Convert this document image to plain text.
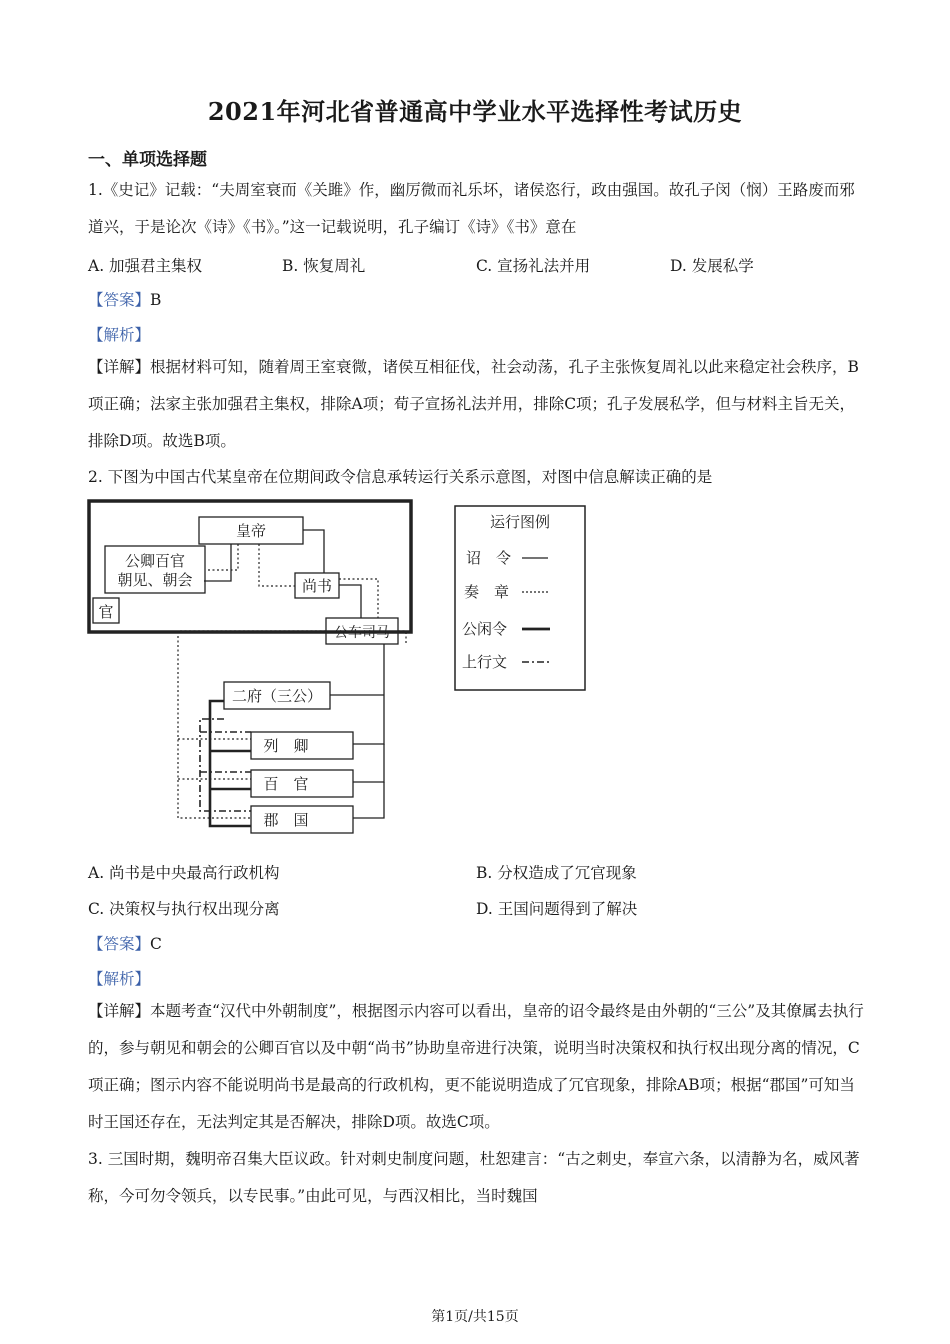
2021年河北省普通高中学业水平选择性考试历史
一、单项选择题
1.《史记》记载：“夫周室衰而《关雎》作，幽厉微而礼乐坏，诸侯恣行，政由强国。故孔子闵（悯）王路废而邪道兴，于是论次《诗》《书》。”这一记载说明，孔子编订《诗》《书》意在
A. 加强君主集权	B. 恢复周礼	C. 宣扬礼法并用	D. 发展私学
【答案】B
【解析】
【详解】根据材料可知，随着周王室衰微，诸侯互相征伐，社会动荡，孔子主张恢复周礼以此来稳定社会秩序，B项正确；法家主张加强君主集权，排除A项；荀子宣扬礼法并用，排除C项；孔子发展私学，但与材料主旨无关，排除D项。故选B项。
2. 下图为中国古代某皇帝在位期间政令信息承转运行关系示意图，对图中信息解读正确的是
皇帝
公卿百官
朝见、朝会
官
尚书
公车司马
二府（三公）
列　卿
百　官
郡　国
运行图例
诏　令
奏　章
公闲令
上行文
A. 尚书是中央最高行政机构	B. 分权造成了冗官现象
C. 决策权与执行权出现分离	D. 王国问题得到了解决
【答案】C
【解析】
【详解】本题考查“汉代中外朝制度”，根据图示内容可以看出，皇帝的诏令最终是由外朝的“三公”及其僚属去执行的，参与朝见和朝会的公卿百官以及中朝“尚书”协助皇帝进行决策，说明当时决策权和执行权出现分离的情况，C项正确；图示内容不能说明尚书是最高的行政机构，更不能说明造成了冗官现象，排除AB项；根据“郡国”可知当时王国还存在，无法判定其是否解决，排除D项。故选C项。
3. 三国时期，魏明帝召集大臣议政。针对刺史制度问题，杜恕建言：“古之刺史，奉宣六条，以清静为名，威风著称，今可勿令领兵，以专民事。”由此可见，与西汉相比，当时魏国
第1页/共15页
